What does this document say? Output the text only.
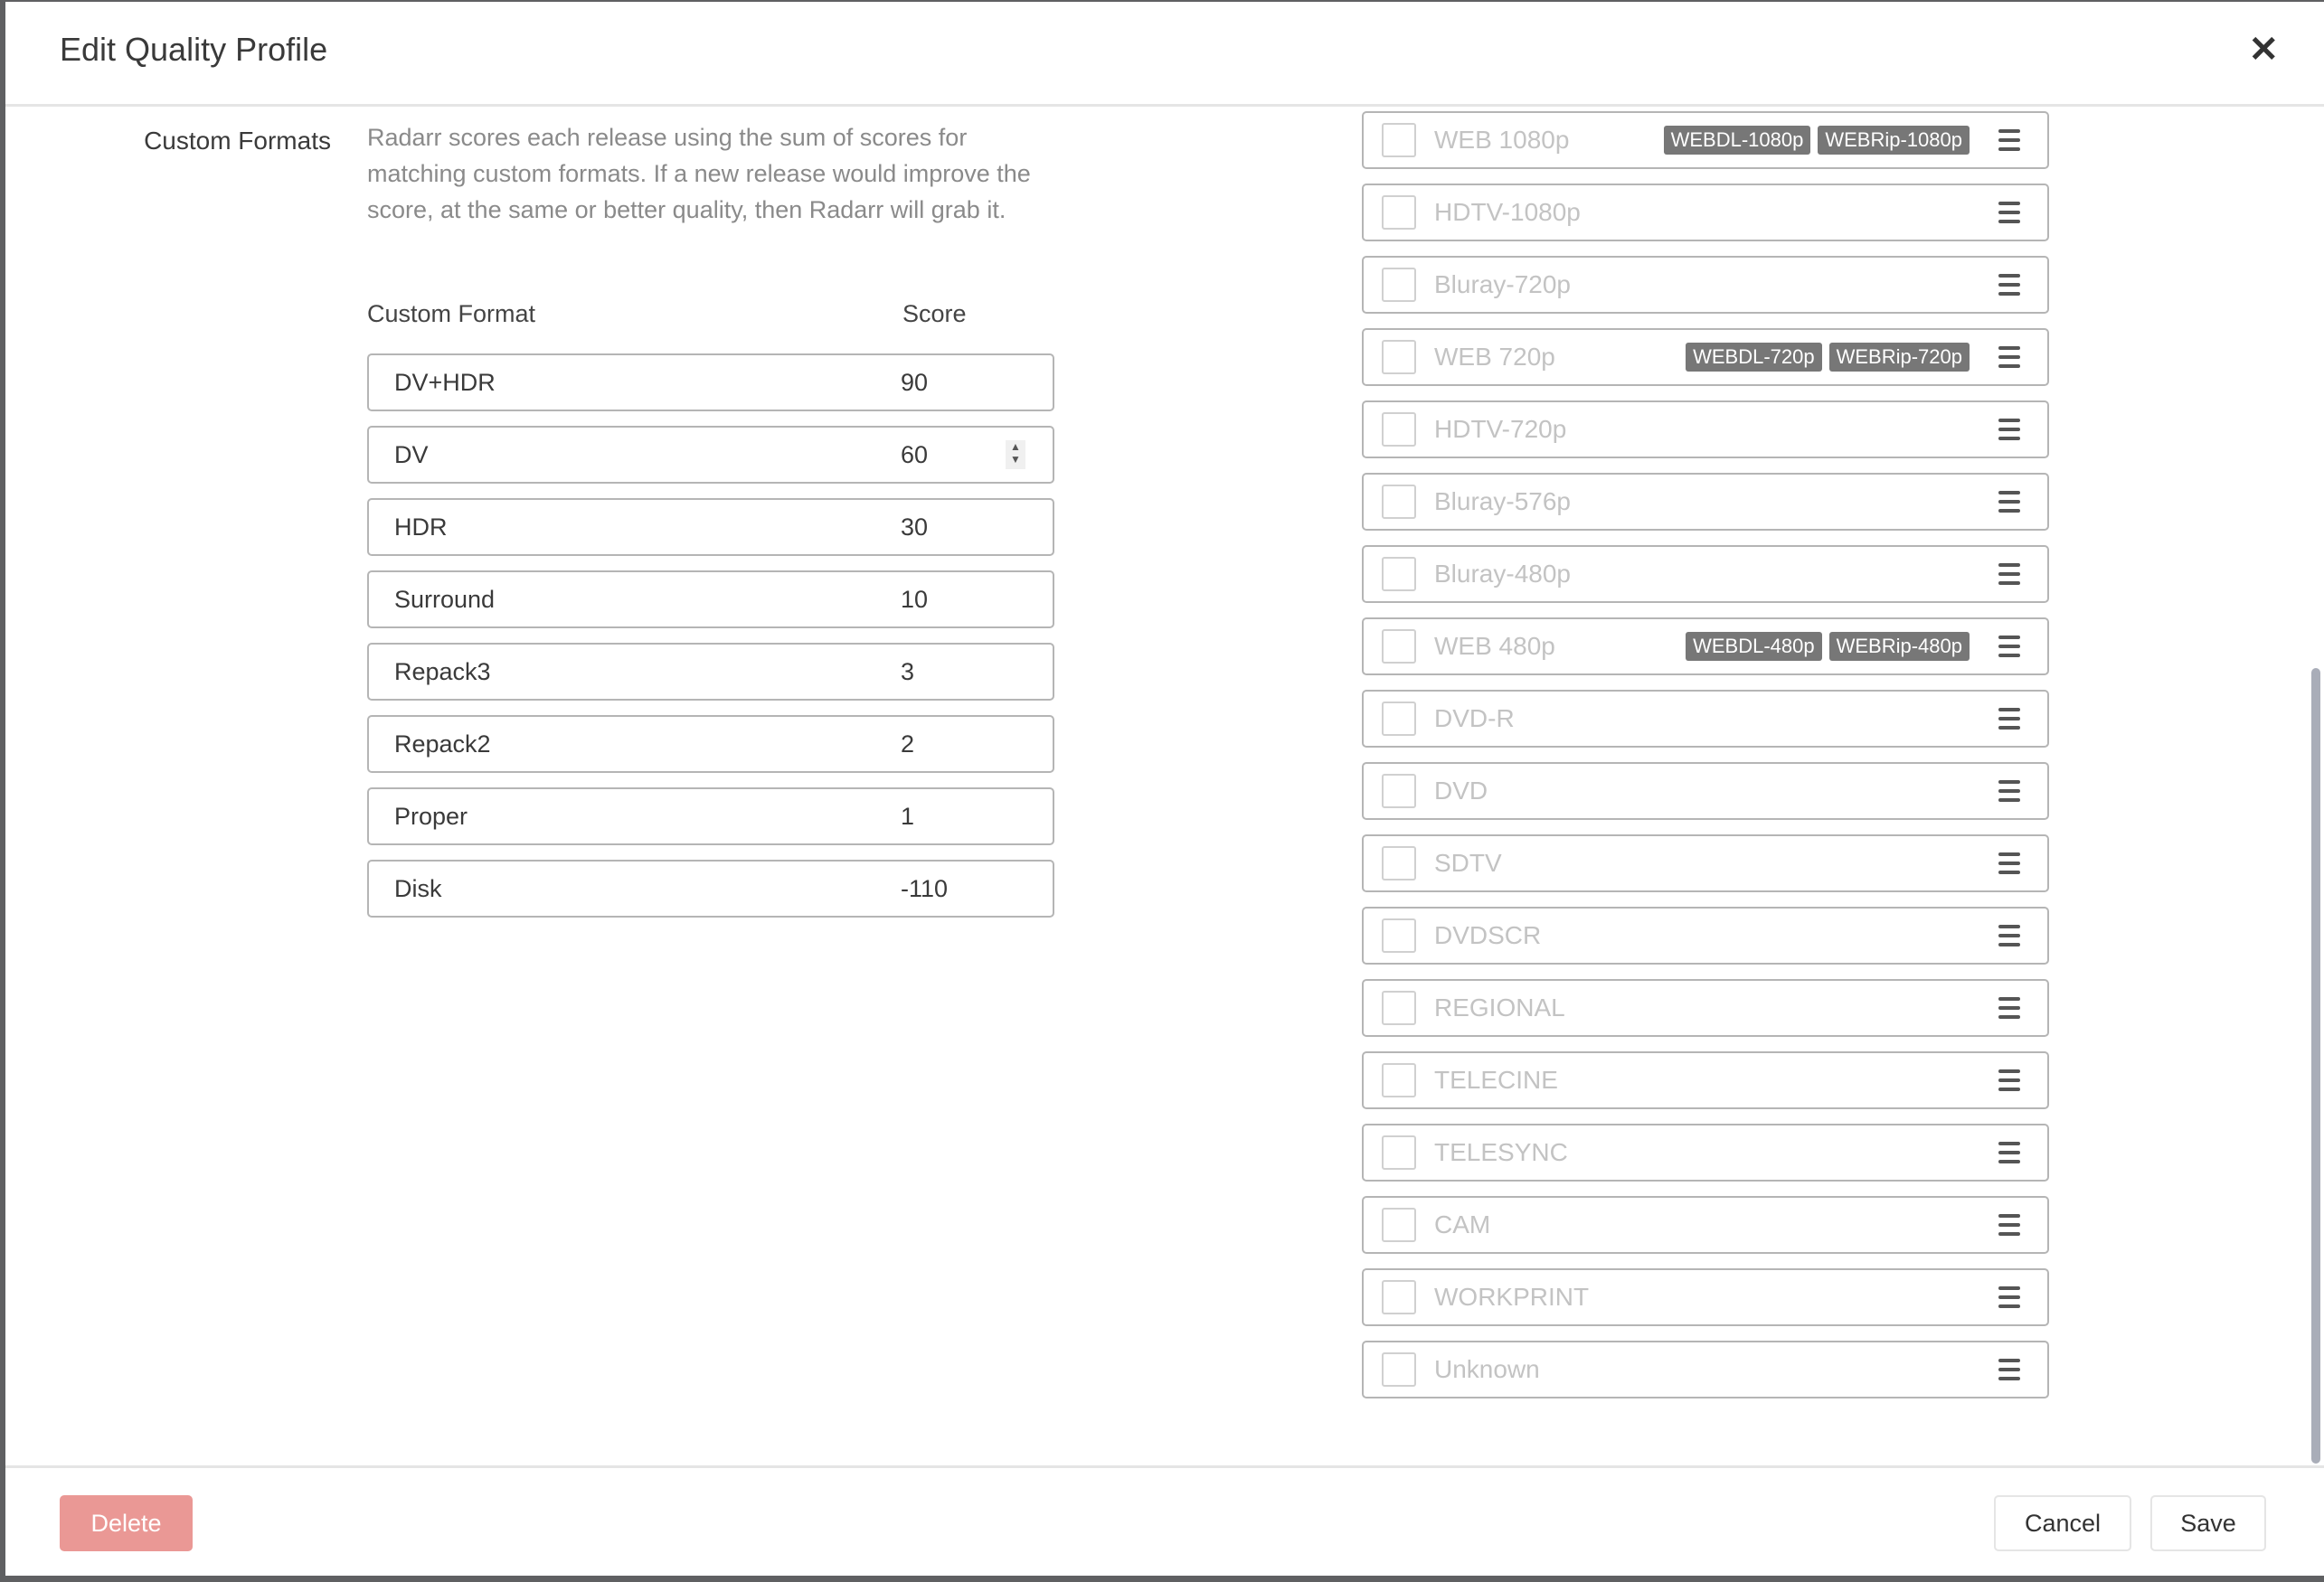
Custom Formats Radarr scores each release using the sum of scores for matching custom formats. If a new release would improve the score, at the same or better quality, then Radarr will grab it.
Custom Format	Score
DV+HDR	90
DV	60	▲
▼
HDR	30
Surround	10
Repack3	3
Repack2	2
Proper	1
Disk	-110
WEB 1080p	WEBDL-1080p	WEBRip-1080p
HDTV-1080p
Bluray-720p
WEB 720p	WEBDL-720p	WEBRip-720p
HDTV-720p
Bluray-576p
Bluray-480p
WEB 480p	WEBDL-480p	WEBRip-480p
DVD-R
DVD
SDTV
DVDSCR
REGIONAL
TELECINE
TELESYNC
CAM
WORKPRINT
Unknown
Edit Quality Profile	✕
Delete	Cancel	Save
